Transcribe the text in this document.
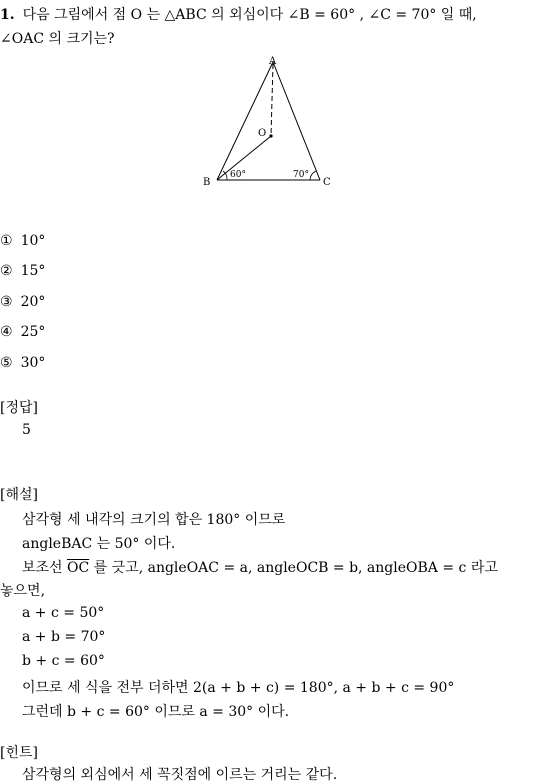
1. 다음 그림에서 점 O 는 △ABC 의 외심이다 ∠B = 60° , ∠C = 70° 일 때,
∠OAC 의 크기는?
A
O
B	C
60°	70°
① 10°
② 15°
③ 20°
④ 25°
⑤ 30°
[정답]
5
[해설]
삼각형 세 내각의 크기의 합은 180° 이므로
angleBAC 는 50° 이다.
보조선 $\overline{OC}$ 를 긋고, angleOAC = a, angleOCB = b, angleOBA = c 라고
놓으면,
a + c = 50°
a + b = 70°
b + c = 60°
이므로 세 식을 전부 더하면 2(a + b + c) = 180°, a + b + c = 90°
그런데 b + c = 60° 이므로 a = 30° 이다.
[힌트]
삼각형의 외심에서 세 꼭짓점에 이르는 거리는 같다.
